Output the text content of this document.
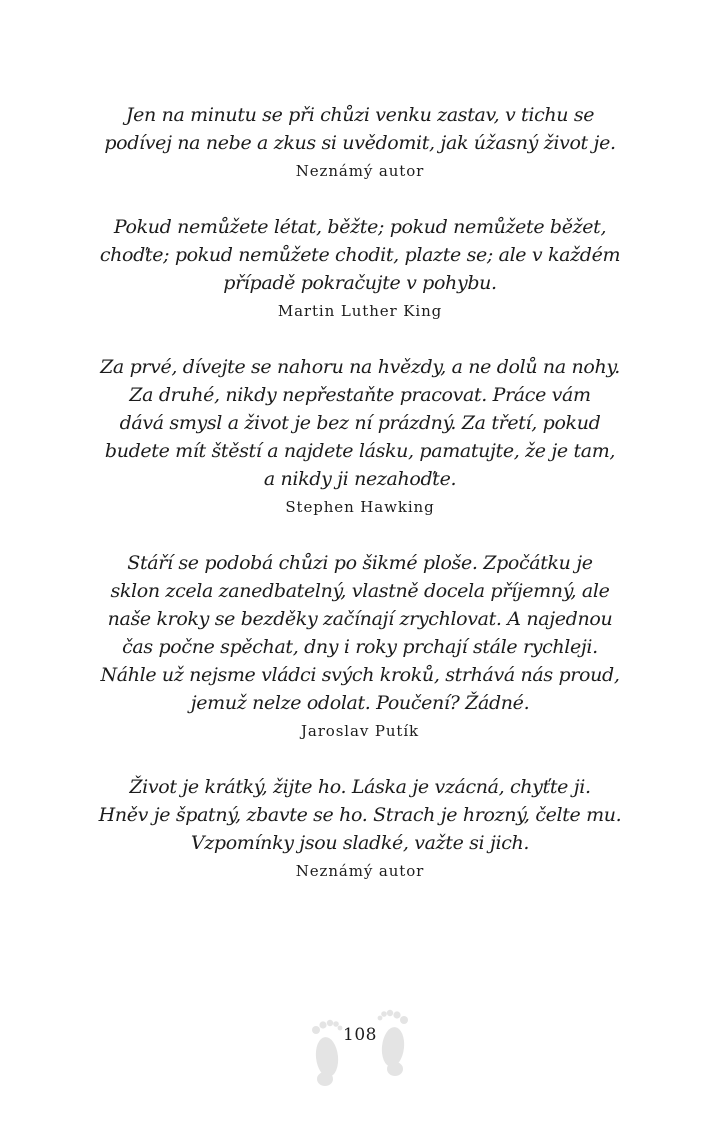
Jen na minutu se při chůzi venku zastav, v tichu se
podívej na nebe a zkus si uvědomit, jak úžasný život je.
Neznámý autor
Pokud nemůžete létat, běžte; pokud nemůžete běžet,
choďte; pokud nemůžete chodit, plazte se; ale v každém
případě pokračujte v pohybu.
Martin Luther King
Za prvé, dívejte se nahoru na hvězdy, a ne dolů na nohy.
Za druhé, nikdy nepřestaňte pracovat. Práce vám
dává smysl a život je bez ní prázdný. Za třetí, pokud
budete mít štěstí a najdete lásku, pamatujte, že je tam,
a nikdy ji nezahoďte.
Stephen Hawking
Stáří se podobá chůzi po šikmé ploše. Zpočátku je
sklon zcela zanedbatelný, vlastně docela příjemný, ale
naše kroky se bezděky začínají zrychlovat. A najednou
čas počne spěchat, dny i roky prchají stále rychleji.
Náhle už nejsme vládci svých kroků, strhává nás proud,
jemuž nelze odolat. Poučení? Žádné.
Jaroslav Putík
Život je krátký, žijte ho. Láska je vzácná, chyťte ji.
Hněv je špatný, zbavte se ho. Strach je hrozný, čelte mu.
Vzpomínky jsou sladké, važte si jich.
Neznámý autor
108
